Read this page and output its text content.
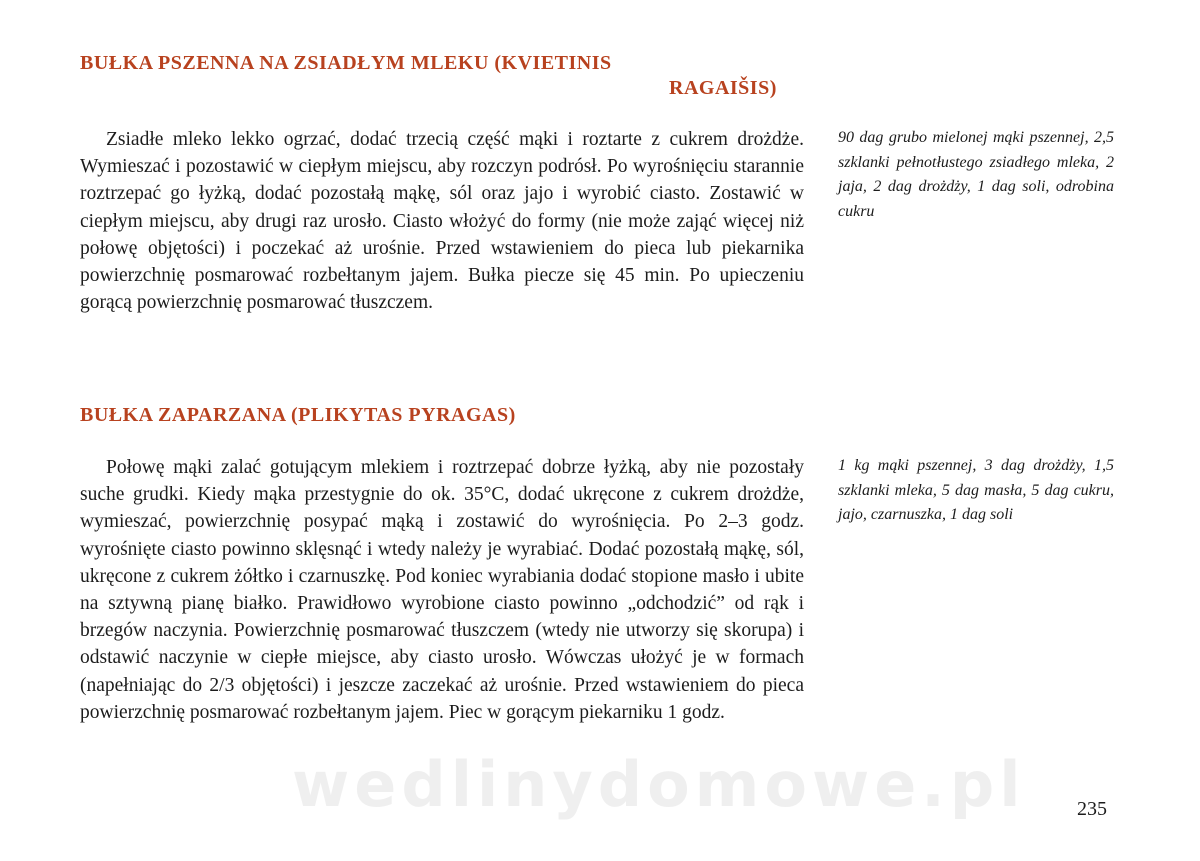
BUŁKA PSZENNA NA ZSIADŁYM MLEKU (KVIETINIS
RAGAIŠIS)

Zsiadłe mleko lekko ogrzać, dodać trzecią część mąki i roztarte z cukrem drożdże. Wymieszać i pozostawić w ciepłym miejscu, aby rozczyn podrósł. Po wyrośnięciu starannie roztrzepać go łyżką, dodać pozostałą mąkę, sól oraz jajo i wyrobić ciasto. Zostawić w ciepłym miejscu, aby drugi raz urosło. Ciasto włożyć do formy (nie może zająć więcej niż połowę objętości) i poczekać aż urośnie. Przed wstawieniem do pieca lub piekarnika powierzchnię posmarować rozbełtanym jajem. Bułka piecze się 45 min. Po upieczeniu gorącą powierzchnię posmarować tłuszczem.

90 dag grubo mielonej mąki pszennej, 2,5 szklanki pełnotłustego zsiadłego mleka, 2 jaja, 2 dag drożdży, 1 dag soli, odrobina cukru

BUŁKA ZAPARZANA (PLIKYTAS PYRAGAS)

Połowę mąki zalać gotującym mlekiem i roztrzepać dobrze łyżką, aby nie pozostały suche grudki. Kiedy mąka przestygnie do ok. 35°C, dodać ukręcone z cukrem drożdże, wymieszać, powierzchnię posypać mąką i zostawić do wyrośnięcia. Po 2–3 godz. wyrośnięte ciasto powinno sklęsnąć i wtedy należy je wyrabiać. Dodać pozostałą mąkę, sól, ukręcone z cukrem żółtko i czarnuszkę. Pod koniec wyrabiania dodać stopione masło i ubite na sztywną pianę białko. Prawidłowo wyrobione ciasto powinno „odchodzić” od rąk i brzegów naczynia. Powierzchnię posmarować tłuszczem (wtedy nie utworzy się skorupa) i odstawić naczynie w ciepłe miejsce, aby ciasto urosło. Wówczas ułożyć je w formach (napełniając do 2/3 objętości) i jeszcze zaczekać aż urośnie. Przed wstawieniem do pieca powierzchnię posmarować rozbełtanym jajem. Piec w gorącym piekarniku 1 godz.

1 kg mąki pszennej, 3 dag drożdży, 1,5 szklanki mleka, 5 dag masła, 5 dag cukru, jajo, czarnuszka, 1 dag soli

wedlinydomowe.pl	235
